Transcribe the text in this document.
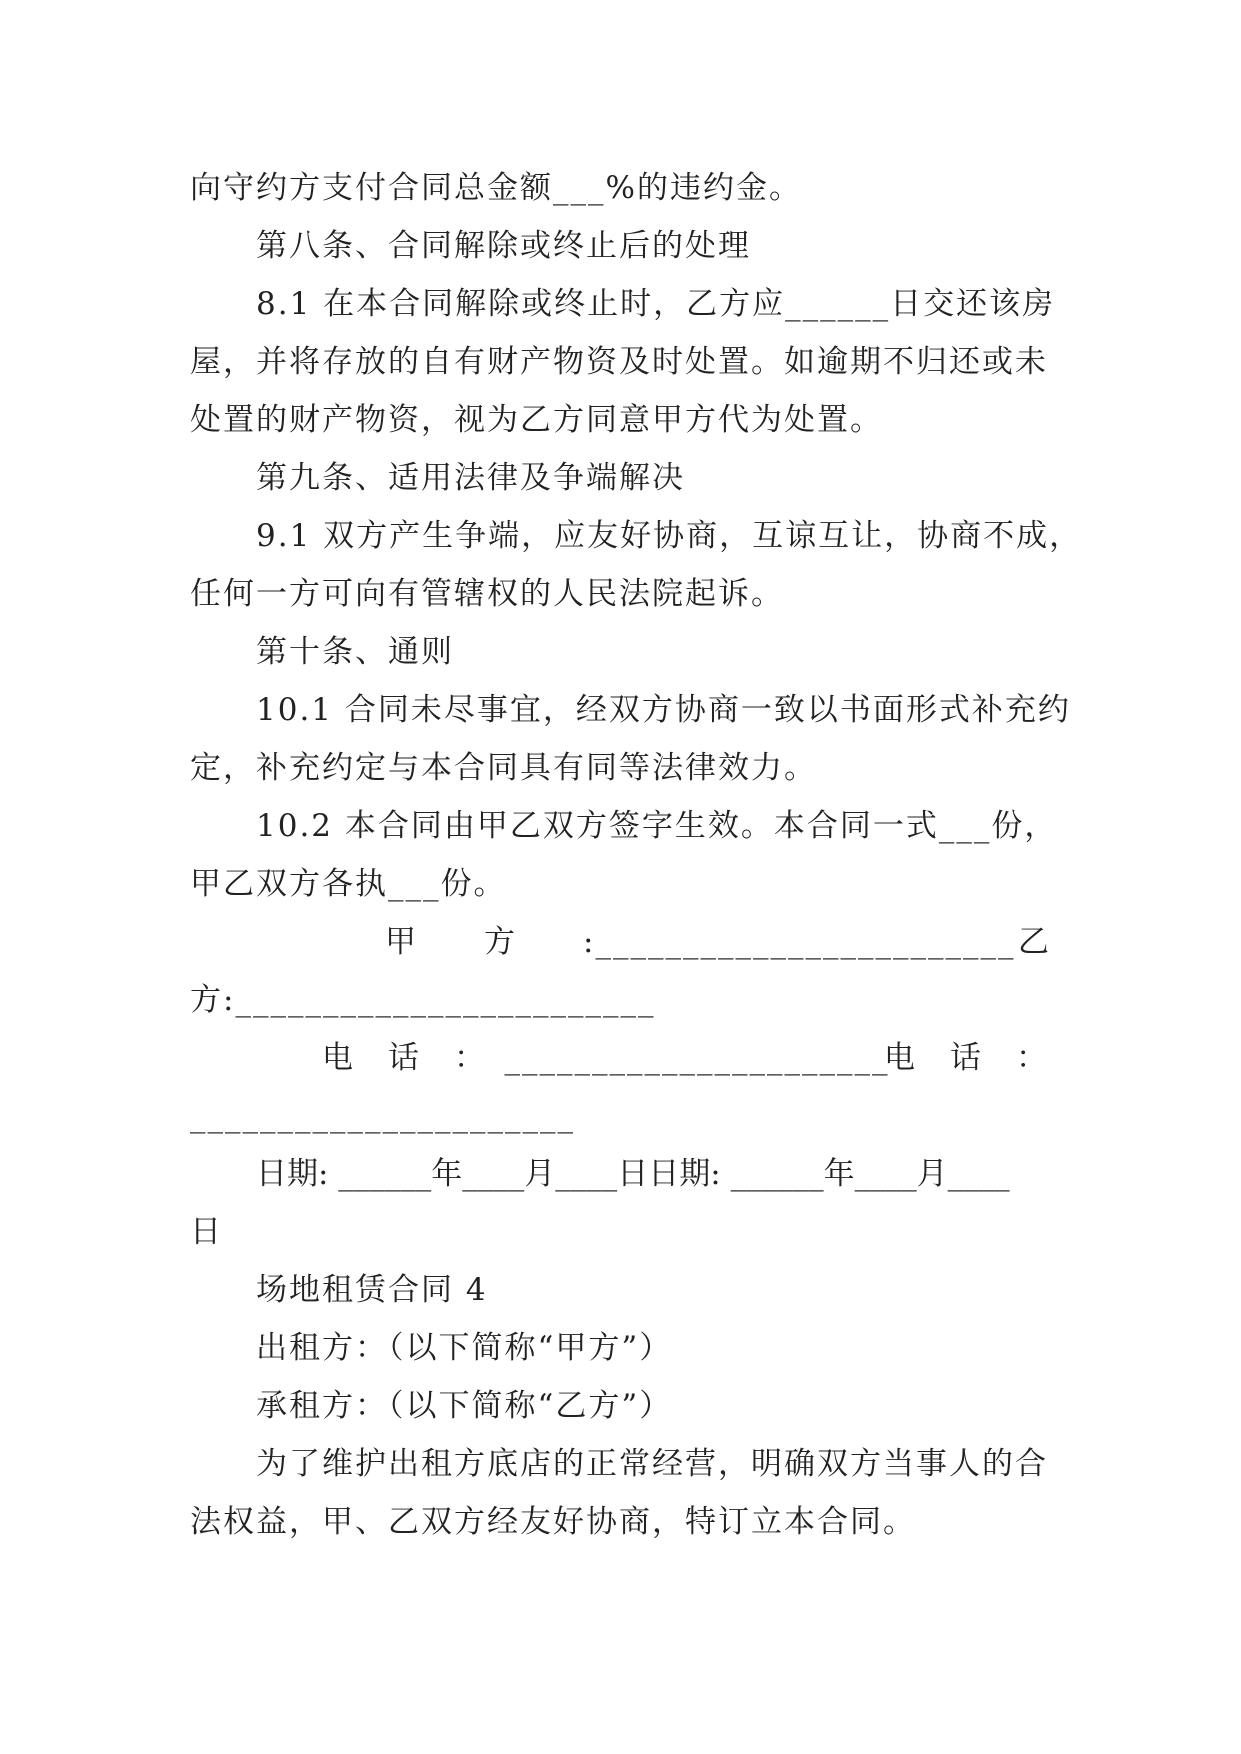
向守约方支付合同总金额___%的违约金。
第八条、合同解除或终止后的处理
8.1 在本合同解除或终止时，乙方应______日交还该房
屋，并将存放的自有财产物资及时处置。如逾期不归还或未
处置的财产物资，视为乙方同意甲方代为处置。
第九条、适用法律及争端解决
9.1 双方产生争端，应友好协商，互谅互让，协商不成，
任何一方可向有管辖权的人民法院起诉。
第十条、通则
10.1 合同未尽事宜，经双方协商一致以书面形式补充约
定，补充约定与本合同具有同等法律效力。
10.2 本合同由甲乙双方签字生效。本合同一式___份，
甲乙双方各执___份。
甲　　方　　:________________________ 乙
方:________________________
电　话　：　______________________
电　话　：
______________________
日期: ______年____月____日日期: ______年____月____
日
场地租赁合同 4
出租方：（以下简称“甲方”）
承租方：（以下简称“乙方”）
为了维护出租方底店的正常经营，明确双方当事人的合
法权益，甲、乙双方经友好协商，特订立本合同。
